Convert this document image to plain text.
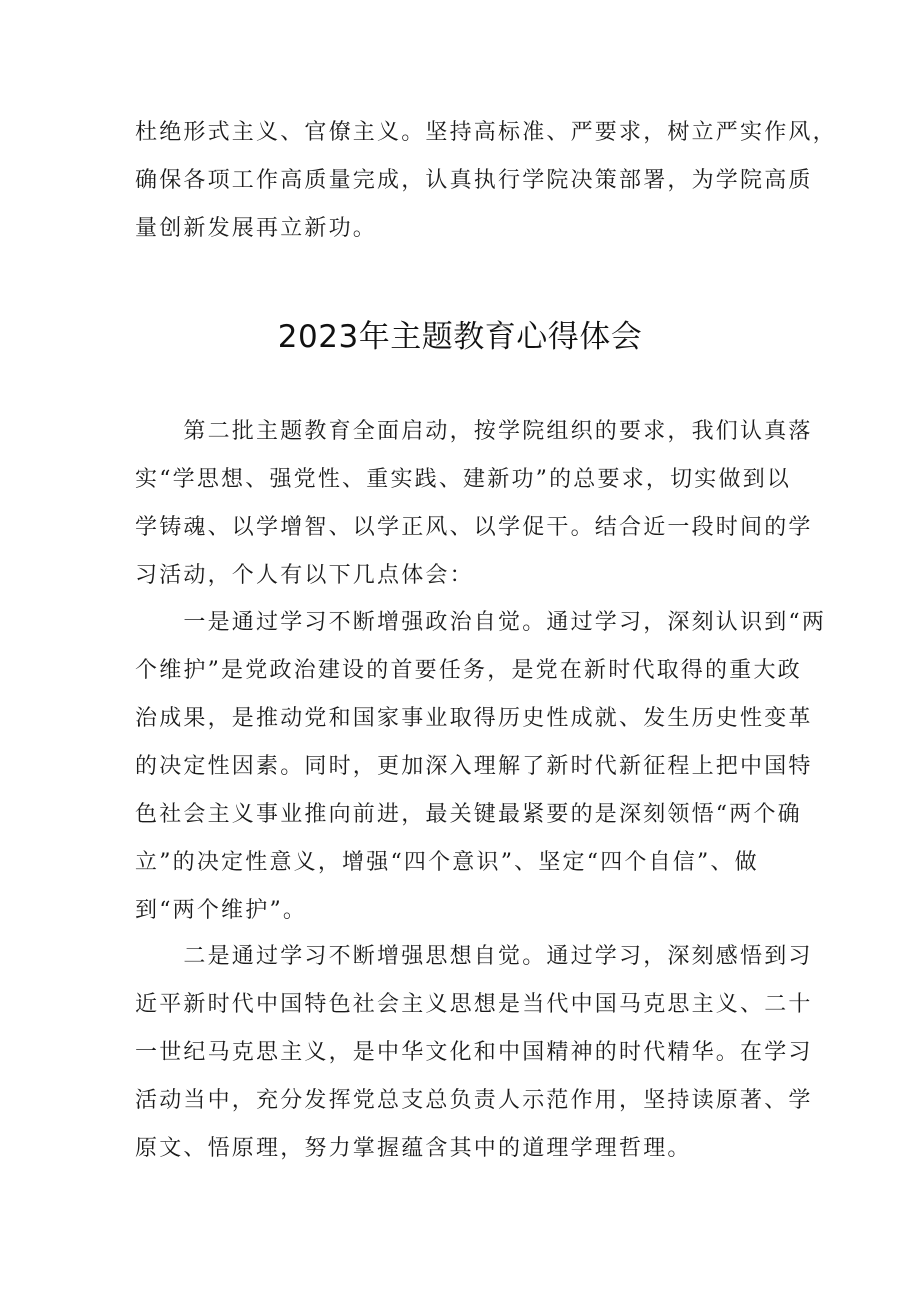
杜绝形式主义、官僚主义。坚持高标准、严要求，树立严实作风，
确保各项工作高质量完成，认真执行学院决策部署，为学院高质
量创新发展再立新功。
2023年主题教育心得体会
　　第二批主题教育全面启动，按学院组织的要求，我们认真落
实“学思想、强党性、重实践、建新功”的总要求，切实做到以
学铸魂、以学增智、以学正风、以学促干。结合近一段时间的学
习活动，个人有以下几点体会：
　　一是通过学习不断增强政治自觉。通过学习，深刻认识到“两
个维护”是党政治建设的首要任务，是党在新时代取得的重大政
治成果，是推动党和国家事业取得历史性成就、发生历史性变革
的决定性因素。同时，更加深入理解了新时代新征程上把中国特
色社会主义事业推向前进，最关键最紧要的是深刻领悟“两个确
立”的决定性意义，增强“四个意识”、坚定“四个自信”、做
到“两个维护”。
　　二是通过学习不断增强思想自觉。通过学习，深刻感悟到习
近平新时代中国特色社会主义思想是当代中国马克思主义、二十
一世纪马克思主义，是中华文化和中国精神的时代精华。在学习
活动当中，充分发挥党总支总负责人示范作用，坚持读原著、学
原文、悟原理，努力掌握蕴含其中的道理学理哲理。
